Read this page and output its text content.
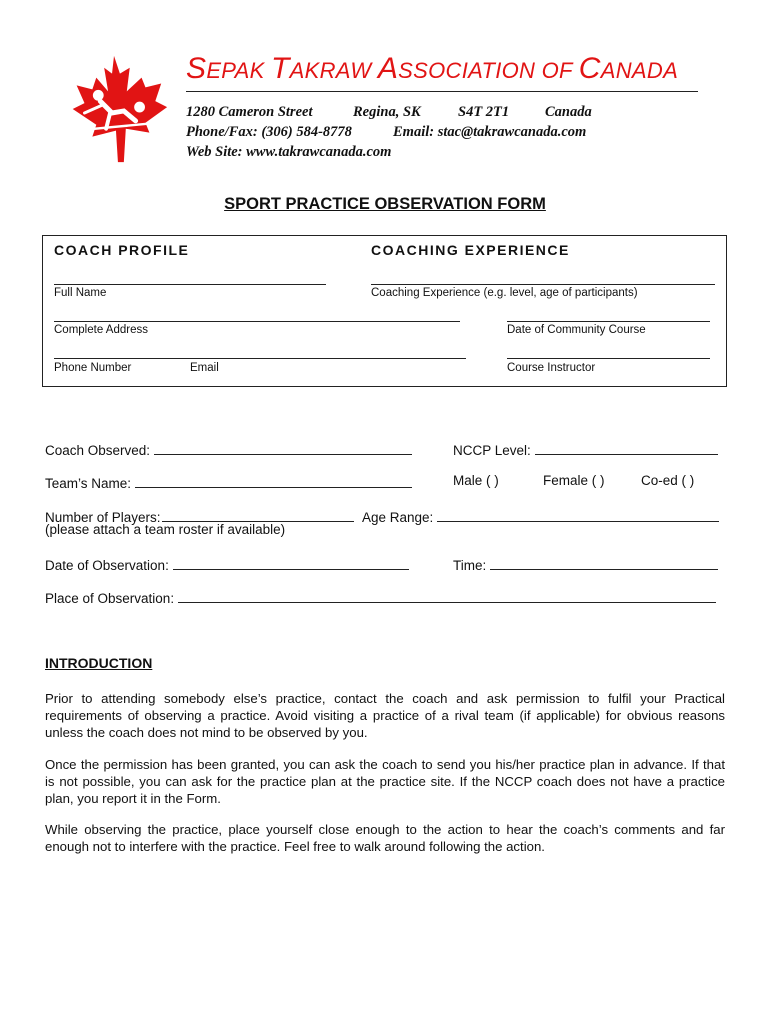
SEPAK TAKRAW ASSOCIATION OF CANADA
1280 Cameron Street	Regina, SK	S4T 2T1 Canada
Phone/Fax: (306) 584-8778	Email: stac@takrawcanada.com
Web Site: www.takrawcanada.com
SPORT PRACTICE OBSERVATION FORM
COACH PROFILE	COACHING EXPERIENCE
Full Name	Coaching Experience (e.g. level, age of participants)
Complete Address	Date of Community Course
Phone Number	Email	Course Instructor
Coach Observed:	NCCP Level:
Team’s Name:	Male ( )	Female ( )	Co-ed ( )
Number of Players:	Age Range:
(please attach a team roster if available)
Date of Observation:	Time:
Place of Observation:
INTRODUCTION
Prior to attending somebody else’s practice, contact the coach and ask permission to fulfil your Practical requirements of observing a practice. Avoid visiting a practice of a rival team (if applicable) for obvious reasons unless the coach does not mind to be observed by you.
Once the permission has been granted, you can ask the coach to send you his/her practice plan in advance. If that is not possible, you can ask for the practice plan at the practice site. If the NCCP coach does not have a practice plan, you report it in the Form.
While observing the practice, place yourself close enough to the action to hear the coach’s comments and far enough not to interfere with the practice. Feel free to walk around following the action.
